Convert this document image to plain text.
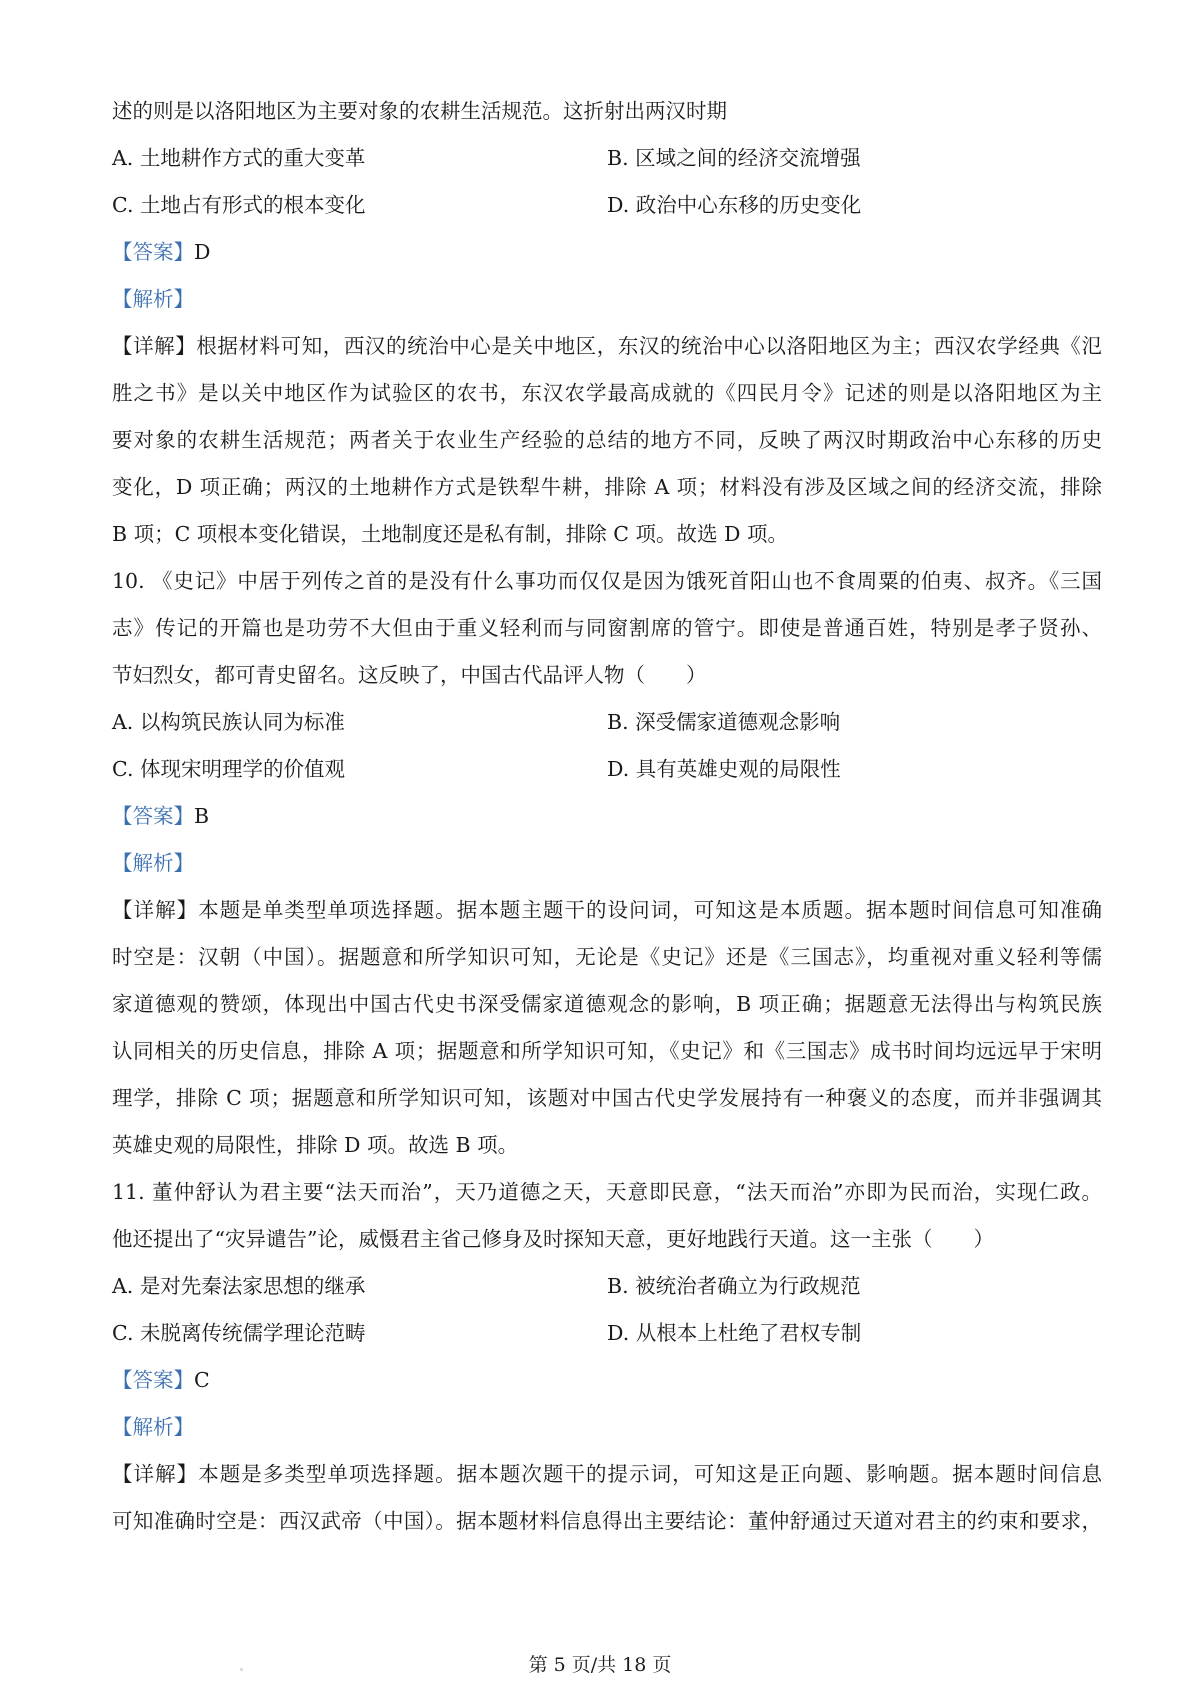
述的则是以洛阳地区为主要对象的农耕生活规范。这折射出两汉时期
A. 土地耕作方式的重大变革	B. 区域之间的经济交流增强
C. 土地占有形式的根本变化	D. 政治中心东移的历史变化
【答案】D
【解析】
【详解】根据材料可知，西汉的统治中心是关中地区，东汉的统治中心以洛阳地区为主；西汉农学经典《氾
胜之书》是以关中地区作为试验区的农书，东汉农学最高成就的《四民月令》记述的则是以洛阳地区为主
要对象的农耕生活规范；两者关于农业生产经验的总结的地方不同，反映了两汉时期政治中心东移的历史
变化，D 项正确；两汉的土地耕作方式是铁犁牛耕，排除 A 项；材料没有涉及区域之间的经济交流，排除
B 项；C 项根本变化错误，土地制度还是私有制，排除 C 项。故选 D 项。
10. 《史记》中居于列传之首的是没有什么事功而仅仅是因为饿死首阳山也不食周粟的伯夷、叔齐。《三国
志》传记的开篇也是功劳不大但由于重义轻利而与同窗割席的管宁。即使是普通百姓，特别是孝子贤孙、
节妇烈女，都可青史留名。这反映了，中国古代品评人物（　　）
A. 以构筑民族认同为标准	B. 深受儒家道德观念影响
C. 体现宋明理学的价值观	D. 具有英雄史观的局限性
【答案】B
【解析】
【详解】本题是单类型单项选择题。据本题主题干的设问词，可知这是本质题。据本题时间信息可知准确
时空是：汉朝（中国）。据题意和所学知识可知，无论是《史记》还是《三国志》，均重视对重义轻利等儒
家道德观的赞颂，体现出中国古代史书深受儒家道德观念的影响，B 项正确；据题意无法得出与构筑民族
认同相关的历史信息，排除 A 项；据题意和所学知识可知，《史记》和《三国志》成书时间均远远早于宋明
理学，排除 C 项；据题意和所学知识可知，该题对中国古代史学发展持有一种褒义的态度，而并非强调其
英雄史观的局限性，排除 D 项。故选 B 项。
11. 董仲舒认为君主要“法天而治”，天乃道德之天，天意即民意，“法天而治”亦即为民而治，实现仁政。
他还提出了“灾异谴告”论，威慑君主省己修身及时探知天意，更好地践行天道。这一主张（　　）
A. 是对先秦法家思想的继承	B. 被统治者确立为行政规范
C. 未脱离传统儒学理论范畴	D. 从根本上杜绝了君权专制
【答案】C
【解析】
【详解】本题是多类型单项选择题。据本题次题干的提示词，可知这是正向题、影响题。据本题时间信息
可知准确时空是：西汉武帝（中国）。据本题材料信息得出主要结论：董仲舒通过天道对君主的约束和要求，
第 5 页/共 18 页
